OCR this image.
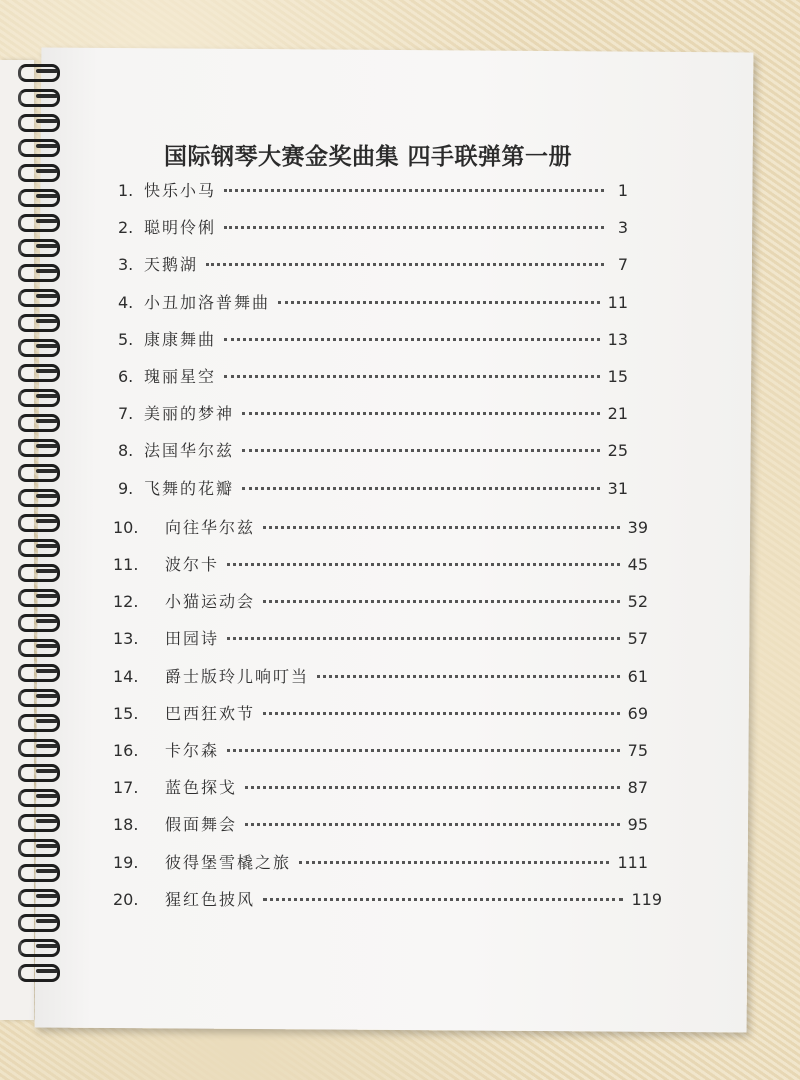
国际钢琴大赛金奖曲集 四手联弹第一册
1. 快乐小马	1
2. 聪明伶俐	3
3. 天鹅湖	7
4. 小丑加洛普舞曲	11
5. 康康舞曲	13
6. 瑰丽星空	15
7. 美丽的梦神	21
8. 法国华尔兹	25
9. 飞舞的花瓣	31
10.	向往华尔兹	39
11.	波尔卡	45
12.	小猫运动会	52
13.	田园诗	57
14.	爵士版玲儿响叮当	61
15.	巴西狂欢节	69
16.	卡尔森	75
17.	蓝色探戈	87
18.	假面舞会	95
19.	彼得堡雪橇之旅	111
20.	猩红色披风	119
